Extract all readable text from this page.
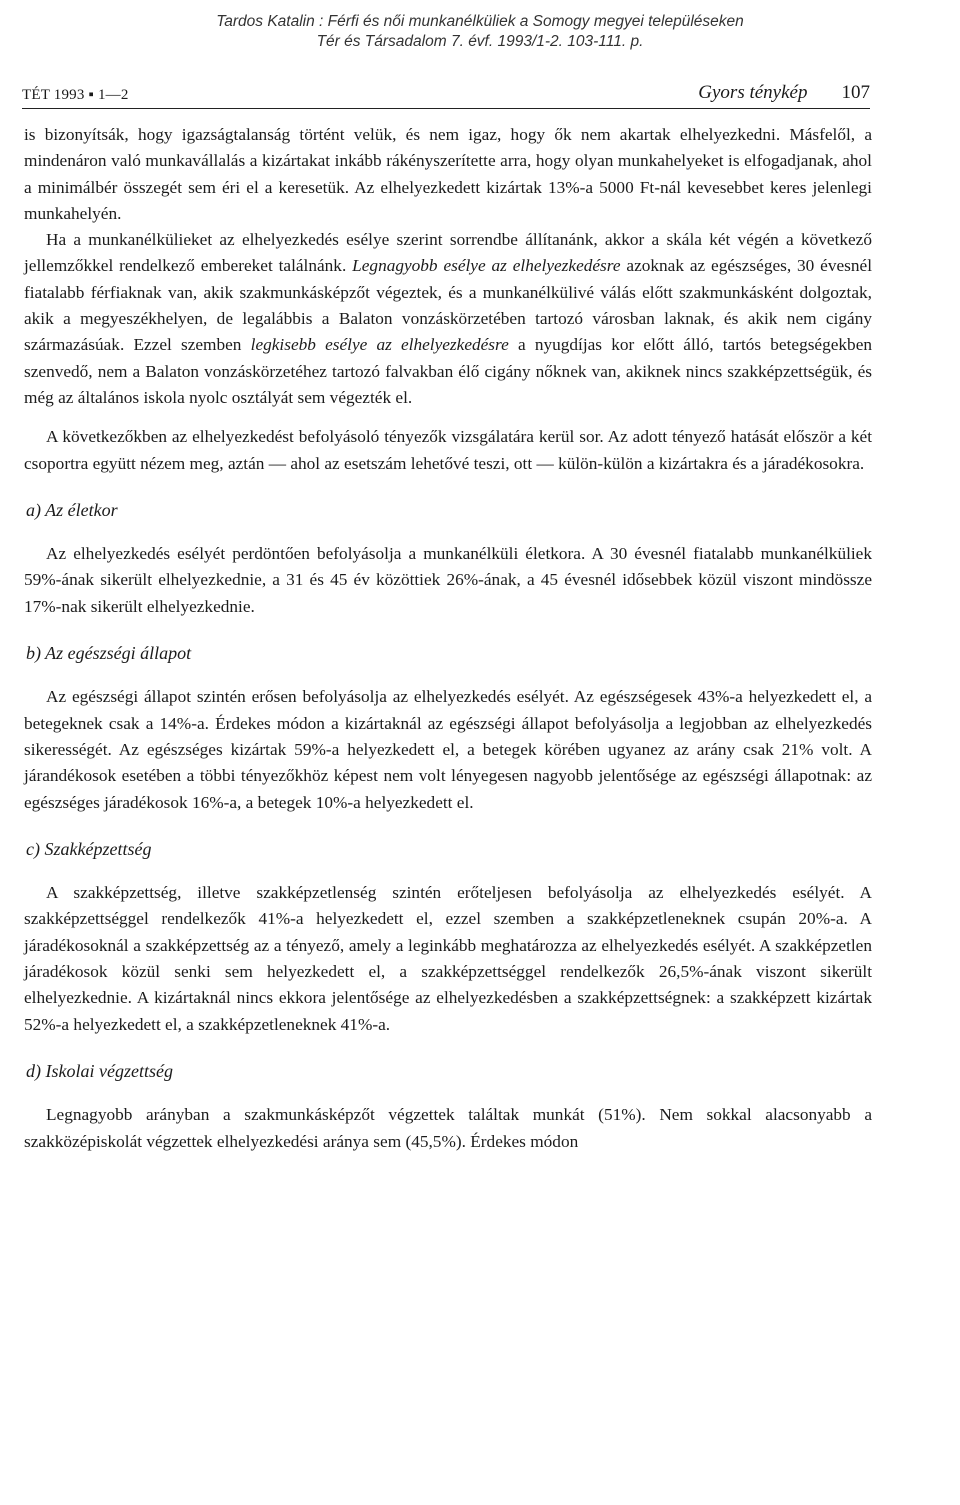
Tardos Katalin : Férfi és női munkanélküliek a Somogy megyei településeken
Tér és Társadalom 7. évf. 1993/1-2. 103-111. p.
TÉT 1993 ▪ 1—2	Gyors ténykép 107

is bizonyítsák, hogy igazságtalanság történt velük, és nem igaz, hogy ők nem akartak elhelyezkedni. Másfelől, a mindenáron való munkavállalás a kizártakat inkább rákényszerítette arra, hogy olyan munkahelyeket is elfogadjanak, ahol a minimálbér összegét sem éri el a keresetük. Az elhelyezkedett kizártak 13%-a 5000 Ft-nál kevesebbet keres jelenlegi munkahelyén.

Ha a munkanélkülieket az elhelyezkedés esélye szerint sorrendbe állítanánk, akkor a skála két végén a következő jellemzőkkel rendelkező embereket találnánk. Legnagyobb esélye az elhelyezkedésre azoknak az egészséges, 30 évesnél fiatalabb férfiaknak van, akik szakmunkásképzőt végeztek, és a munkanélkülivé válás előtt szakmunkásként dolgoztak, akik a megyeszékhelyen, de legalábbis a Balaton vonzáskörzetében tartozó városban laknak, és akik nem cigány származásúak. Ezzel szemben legkisebb esélye az elhelyezkedésre a nyugdíjas kor előtt álló, tartós betegségekben szenvedő, nem a Balaton vonzáskörzetéhez tartozó falvakban élő cigány nőknek van, akiknek nincs szakképzettségük, és még az általános iskola nyolc osztályát sem végezték el.

A következőkben az elhelyezkedést befolyásoló tényezők vizsgálatára kerül sor. Az adott tényező hatását először a két csoportra együtt nézem meg, aztán — ahol az esetszám lehetővé teszi, ott — külön-külön a kizártakra és a járadékosokra.

a) Az életkor

Az elhelyezkedés esélyét perdöntően befolyásolja a munkanélküli életkora. A 30 évesnél fiatalabb munkanélküliek 59%-ának sikerült elhelyezkednie, a 31 és 45 év közöttiek 26%-ának, a 45 évesnél idősebbek közül viszont mindössze 17%-nak sikerült elhelyezkednie.

b) Az egészségi állapot

Az egészségi állapot szintén erősen befolyásolja az elhelyezkedés esélyét. Az egészségesek 43%-a helyezkedett el, a betegeknek csak a 14%-a. Érdekes módon a kizártaknál az egészségi állapot befolyásolja a legjobban az elhelyezkedés sikerességét. Az egészséges kizártak 59%-a helyezkedett el, a betegek körében ugyanez az arány csak 21% volt. A járandékosok esetében a többi tényezőkhöz képest nem volt lényegesen nagyobb jelentősége az egészségi állapotnak: az egészséges járadékosok 16%-a, a betegek 10%-a helyezkedett el.

c) Szakképzettség

A szakképzettség, illetve szakképzetlenség szintén erőteljesen befolyásolja az elhelyezkedés esélyét. A szakképzettséggel rendelkezők 41%-a helyezkedett el, ezzel szemben a szakképzetleneknek csupán 20%-a. A járadékosoknál a szakképzettség az a tényező, amely a leginkább meghatározza az elhelyezkedés esélyét. A szakképzetlen járadékosok közül senki sem helyezkedett el, a szakképzettséggel rendelkezők 26,5%-ának viszont sikerült elhelyezkednie. A kizártaknál nincs ekkora jelentősége az elhelyezkedésben a szakképzettségnek: a szakképzett kizártak 52%-a helyezkedett el, a szakképzetleneknek 41%-a.

d) Iskolai végzettség

Legnagyobb arányban a szakmunkásképzőt végzettek találtak munkát (51%). Nem sokkal alacsonyabb a szakközépiskolát végzettek elhelyezkedési aránya sem (45,5%). Érdekes módon
